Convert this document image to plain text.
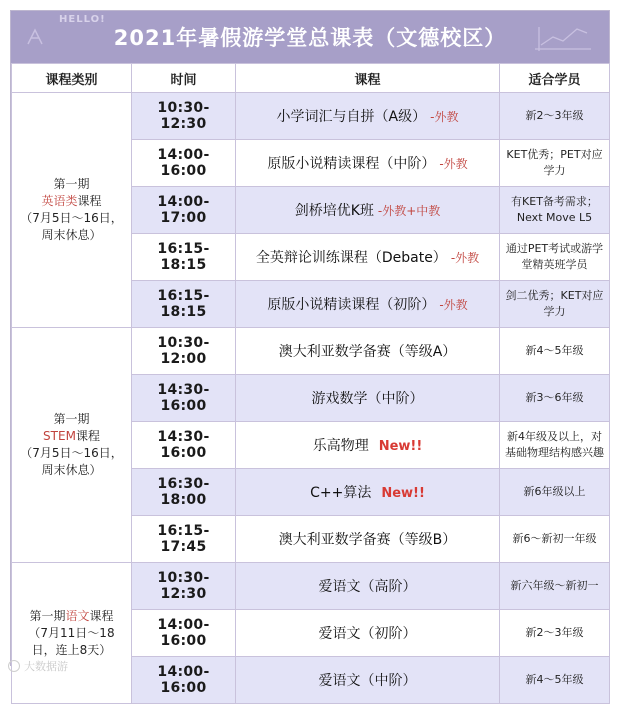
HELLO!
2021年暑假游学堂总课表（文德校区）
课程类别	时间	课程	适合学员

第一期
英语类课程
（7月5日～16日，
周末休息）	10:30-12:30	小学词汇与自拼（A级） -外教	新2～3年级
	14:00-16:00	原版小说精读课程（中阶） -外教	KET优秀；PET对应学力
	14:00-17:00	剑桥培优K班 -外教+中教	有KET备考需求；Next Move L5
	16:15-18:15	全英辩论训练课程（Debate） -外教	通过PET考试或游学堂精英班学员
	16:15-18:15	原版小说精读课程（初阶） -外教	剑二优秀；KET对应学力

第一期
STEM课程
（7月5日～16日，
周末休息）	10:30-12:00	澳大利亚数学备赛（等级A）	新4～5年级
	14:30-16:00	游戏数学（中阶）	新3～6年级
	14:30-16:00	乐高物理 New!!	新4年级及以上，对基础物理结构感兴趣
	16:30-18:00	C++算法 New!!	新6年级以上
	16:15-17:45	澳大利亚数学备赛（等级B）	新6～新初一年级

第一期语文课程
（7月11日～18
日，连上8天）	10:30-12:30	爱语文（高阶）	新六年级～新初一
	14:00-16:00	爱语文（初阶）	新2～3年级
	14:00-16:00	爱语文（中阶）	新4～5年级
大数据游
